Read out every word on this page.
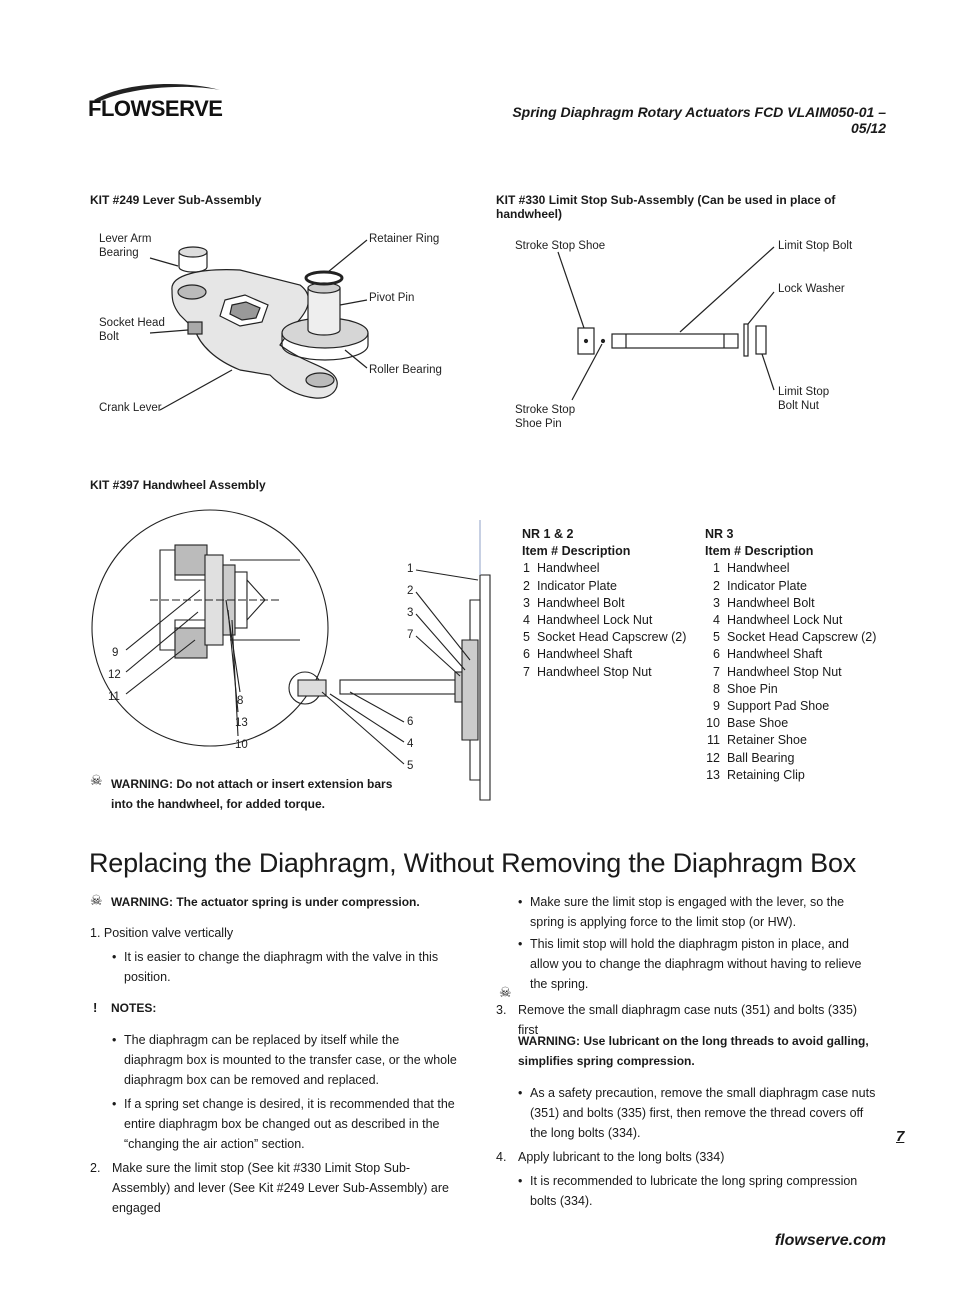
FLOWSERVE	Spring Diaphragm Rotary Actuators FCD VLAIM050-01 – 05/12
KIT #249 Lever Sub-Assembly
Lever Arm Bearing
Socket Head Bolt
Crank Lever
Retainer Ring
Pivot Pin
Roller Bearing
KIT #330 Limit Stop Sub-Assembly (Can be used in place of handwheel)
Stroke Stop Shoe
Stroke Stop Shoe Pin
Limit Stop Bolt
Lock Washer
Limit Stop Bolt Nut
KIT #397 Handwheel Assembly
1
2
3
7
6
4
5
9
12
11	8
13
10
☠ WARNING: Do not attach or insert extension bars into the handwheel, for added torque.
NR 1 & 2
Item # Description
1 Handwheel
2 Indicator Plate
3 Handwheel Bolt
4 Handwheel Lock Nut
5 Socket Head Capscrew (2)
6 Handwheel Shaft
7 Handwheel Stop Nut
NR 3
Item # Description
1 Handwheel
2 Indicator Plate
3 Handwheel Bolt
4 Handwheel Lock Nut
5 Socket Head Capscrew (2)
6 Handwheel Shaft
7 Handwheel Stop Nut
8 Shoe Pin
9 Support Pad Shoe
10 Base Shoe
11 Retainer Shoe
12 Ball Bearing
13 Retaining Clip
Replacing the Diaphragm, Without Removing the Diaphragm Box
☠ WARNING: The actuator spring is under compression.
1. Position valve vertically
• It is easier to change the diaphragm with the valve in this position.
! NOTES:
• The diaphragm can be replaced by itself while the diaphragm box is mounted to the transfer case, or the whole diaphragm box can be removed and replaced.
• If a spring set change is desired, it is recommended that the entire diaphragm box be changed out as described in the “changing the air action” section.
2. Make sure the limit stop (See kit #330 Limit Stop Sub-Assembly) and lever (See Kit #249 Lever Sub-Assembly) are engaged
• Make sure the limit stop is engaged with the lever, so the spring is applying force to the limit stop (or HW).
• This limit stop will hold the diaphragm piston in place, and allow you to change the diaphragm without having to relieve the spring.
☠
3. Remove the small diaphragm case nuts (351) and bolts (335) first
WARNING: Use lubricant on the long threads to avoid galling, simplifies spring compression.
• As a safety precaution, remove the small diaphragm case nuts (351) and bolts (335) first, then remove the thread covers off the long bolts (334).
4. Apply lubricant to the long bolts (334)
• It is recommended to lubricate the long spring compression bolts (334).
7
flowserve.com
